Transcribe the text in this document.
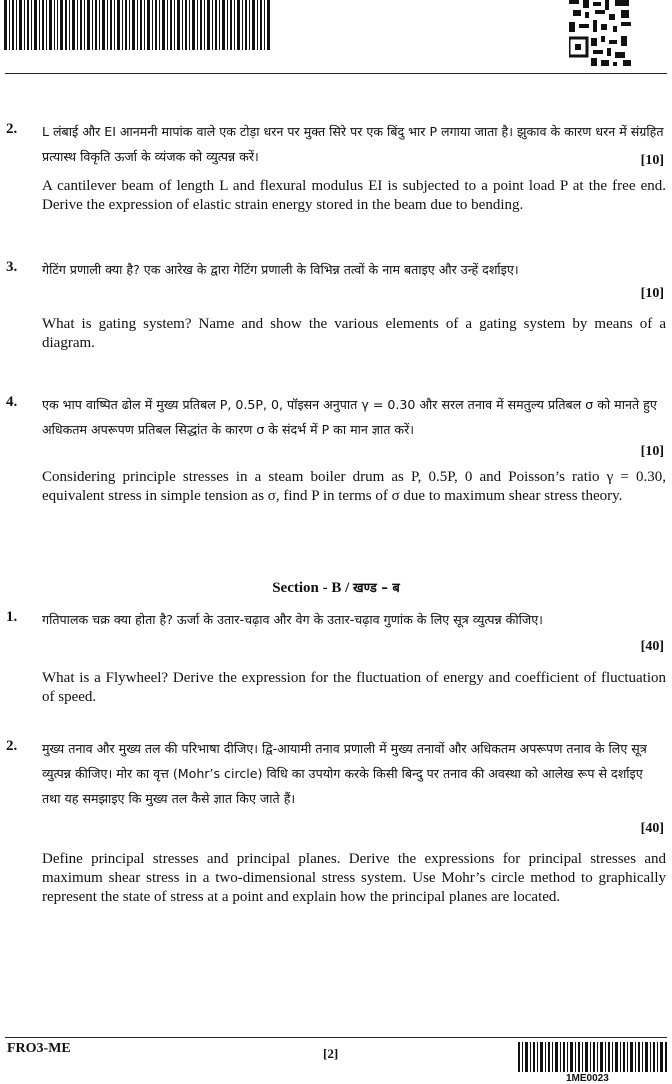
2. L लंबाई और EI आनमनी मापांक वाले एक टोड़ा धरन पर मुक्त सिरे पर एक बिंदु भार P लगाया जाता है। झुकाव के कारण धरन में संग्रहित प्रत्यास्थ विकृति ऊर्जा के व्यंजक को व्युत्पन्न करें।	[10]
A cantilever beam of length L and flexural modulus EI is subjected to a point load P at the free end. Derive the expression of elastic strain energy stored in the beam due to bending.
3. गेटिंग प्रणाली क्या है? एक आरेख के द्वारा गेटिंग प्रणाली के विभिन्न तत्वों के नाम बताइए और उन्हें दर्शाइए।
[10]
What is gating system? Name and show the various elements of a gating system by means of a diagram.
4. एक भाप वाष्पित ढोल में मुख्य प्रतिबल P, 0.5P, 0, पॉइसन अनुपात γ = 0.30 और सरल तनाव में समतुल्य प्रतिबल σ को मानते हुए अधिकतम अपरूपण प्रतिबल सिद्धांत के कारण σ के संदर्भ में P का मान ज्ञात करें।
[10]
Considering principle stresses in a steam boiler drum as P, 0.5P, 0 and Poisson’s ratio γ = 0.30, equivalent stress in simple tension as σ, find P in terms of σ due to maximum shear stress theory.
Section - B / खण्ड – ब
1. गतिपालक चक्र क्या होता है? ऊर्जा के उतार-चढ़ाव और वेग के उतार-चढ़ाव गुणांक के लिए सूत्र व्युत्पन्न कीजिए।
[40]
What is a Flywheel? Derive the expression for the fluctuation of energy and coefficient of fluctuation of speed.
2. मुख्य तनाव और मुख्य तल की परिभाषा दीजिए। द्वि-आयामी तनाव प्रणाली में मुख्य तनावों और अधिकतम अपरूपण तनाव के लिए सूत्र व्युत्पन्न कीजिए। मोर का वृत्त (Mohr’s circle) विधि का उपयोग करके किसी बिन्दु पर तनाव की अवस्था को आलेख रूप से दर्शाइए तथा यह समझाइए कि मुख्य तल कैसे ज्ञात किए जाते हैं।
[40]
Define principal stresses and principal planes. Derive the expressions for principal stresses and maximum shear stress in a two-dimensional stress system. Use Mohr’s circle method to graphically represent the state of stress at a point and explain how the principal planes are located.
FRO3-ME	[2]
1ME0023
